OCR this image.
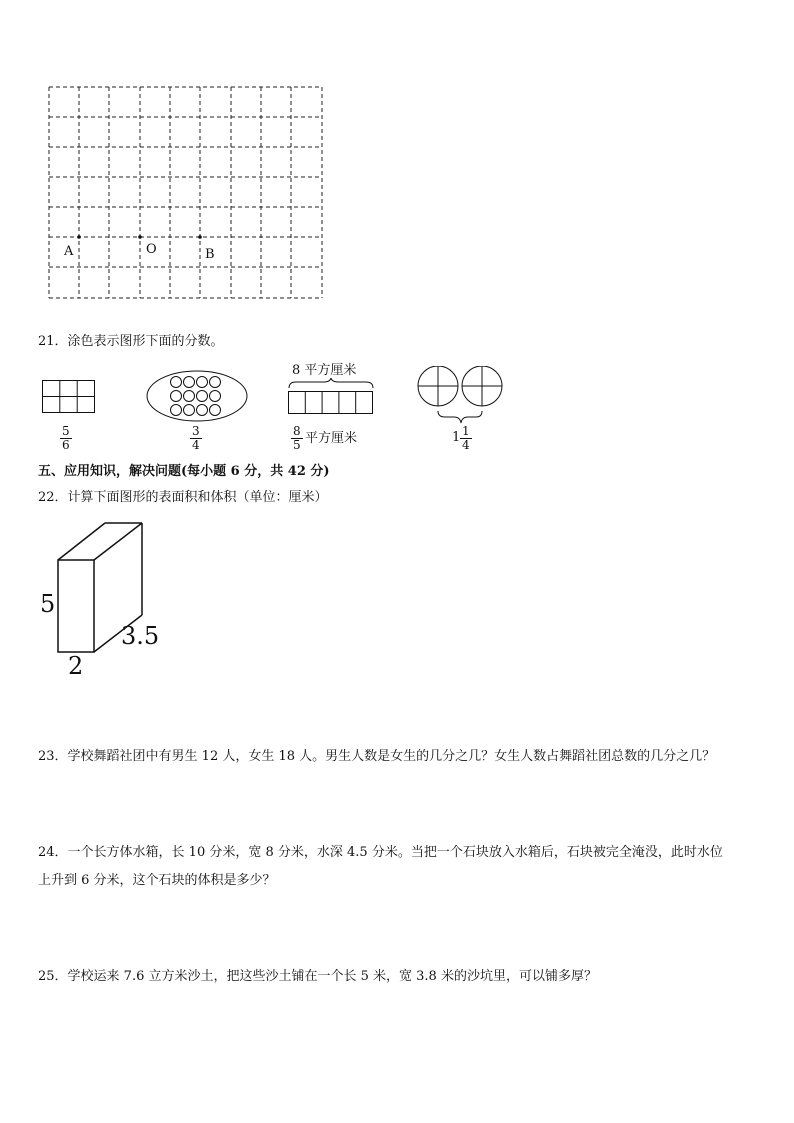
A	O	B
21．涂色表示图形下面的分数。
$\frac{5}{6}$	$\frac{3}{4}$
8 平方厘米
$\frac{8}{5}$ 平方厘米	$1 \frac{1}{4}$
五、应用知识，解决问题(每小题 6 分，共 42 分)
22．计算下面图形的表面积和体积（单位：厘米）
5
2
3.5
23．学校舞蹈社团中有男生 12 人，女生 18 人。男生人数是女生的几分之几？女生人数占舞蹈社团总数的几分之几？
24．一个长方体水箱，长 10 分米，宽 8 分米，水深 4.5 分米。当把一个石块放入水箱后，石块被完全淹没，此时水位
上升到 6 分米，这个石块的体积是多少？
25．学校运来 7.6 立方米沙土，把这些沙土铺在一个长 5 米，宽 3.8 米的沙坑里，可以铺多厚？
